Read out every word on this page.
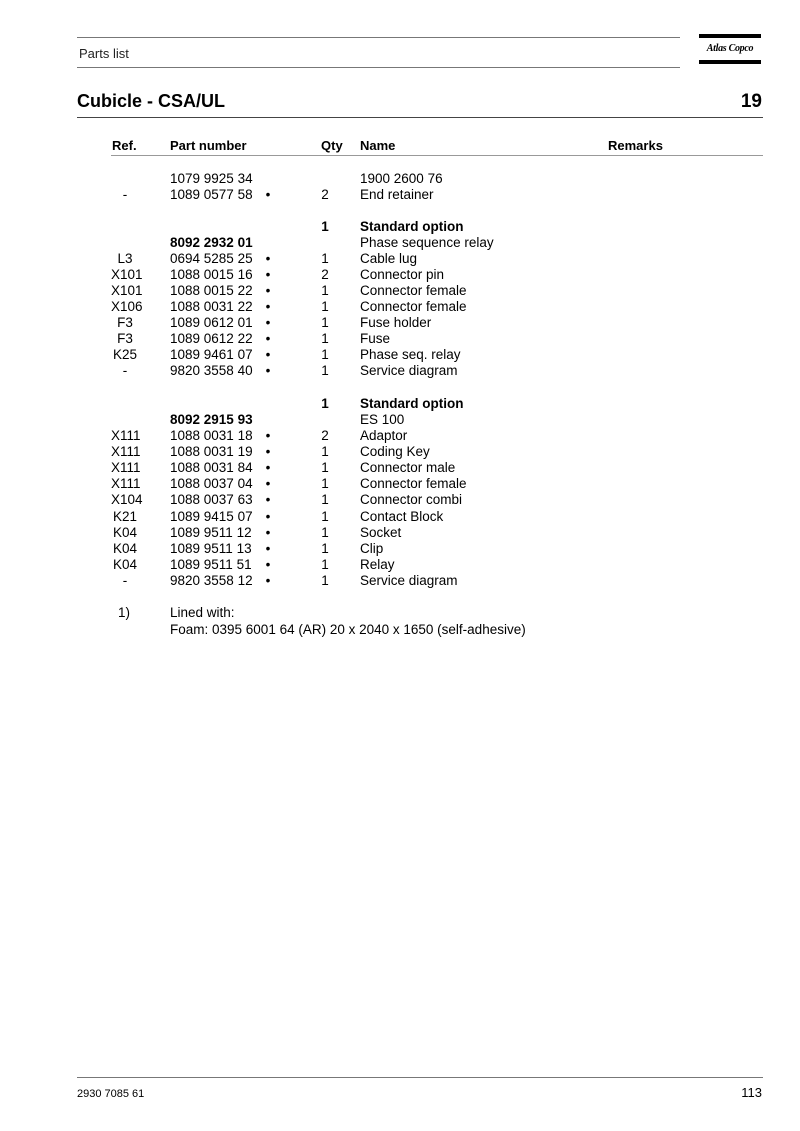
Parts list	Atlas Copco
Cubicle - CSA/UL	19
Ref.	Part number	Qty Name	Remarks
1079 9925 34	1900 2600 76
-	1089 0577 58 •	2 End retainer
1 Standard option
8092 2932 01	Phase sequence relay
L3	0694 5285 25 •	1 Cable lug
X101 1088 0015 16 •	2 Connector pin
X101 1088 0015 22 •	1 Connector female
X106 1088 0031 22 •	1 Connector female
F3	1089 0612 01 •	1 Fuse holder
F3	1089 0612 22 •	1 Fuse
K25 1089 9461 07 •	1 Phase seq. relay
-	9820 3558 40 •	1 Service diagram
1 Standard option
8092 2915 93	ES 100
X111 1088 0031 18 •	2 Adaptor
X111 1088 0031 19 •	1 Coding Key
X111 1088 0031 84 •	1 Connector male
X111 1088 0037 04 •	1 Connector female
X104 1088 0037 63 •	1 Connector combi
K21 1089 9415 07 •	1 Contact Block
K04 1089 9511 12 •	1 Socket
K04 1089 9511 13 •	1 Clip
K04 1089 9511 51 •	1 Relay
-	9820 3558 12 •	1 Service diagram
1)	Lined with:
Foam: 0395 6001 64 (AR) 20 x 2040 x 1650 (self-adhesive)
2930 7085 61	113
